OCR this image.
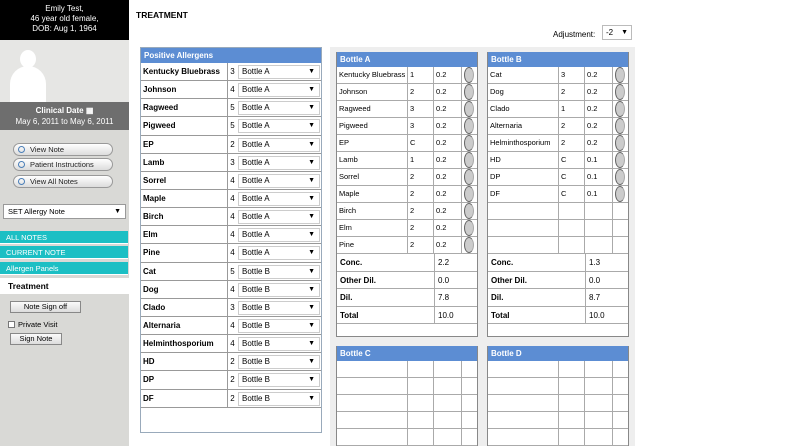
Emily Test,
46 year old female,
DOB: Aug 1, 1964
Clinical Date ▦
May 6, 2011 to May 6, 2011
View Note
Patient Instructions
View All Notes
SET Allergy Note	▼
ALL NOTES
CURRENT NOTE
Allergen Panels
Treatment
Note Sign off
Private Visit
Sign Note
TREATMENT
Adjustment:	-2 ▼
Positive Allergens
Kentucky Bluebrass	3 Bottle A	▼
Johnson	4 Bottle A	▼
Ragweed	5 Bottle A	▼
Pigweed	5 Bottle A	▼
EP	2 Bottle A	▼
Lamb	3 Bottle A	▼
Sorrel	4 Bottle A	▼
Maple	4 Bottle A	▼
Birch	4 Bottle A	▼
Elm	4 Bottle A	▼
Pine	4 Bottle A	▼
Cat	5 Bottle B	▼
Dog	4 Bottle B	▼
Clado	3 Bottle B	▼
Alternaria	4 Bottle B	▼
Helminthosporium	4 Bottle B	▼
HD	2 Bottle B	▼
DP	2 Bottle B	▼
DF	2 Bottle B	▼
Bottle A
Kentucky Bluebrass 1	0.2
Johnson	2	0.2
Ragweed	3	0.2
Pigweed	3	0.2
EP	C	0.2
Lamb	1	0.2
Sorrel	2	0.2
Maple	2	0.2
Birch	2	0.2
Elm	2	0.2
Pine	2	0.2
Conc.	2.2
Other Dil.	0.0
Dil.	7.8
Total	10.0
Bottle B
Cat	3	0.2
Dog	2	0.2
Clado	1	0.2
Alternaria	2	0.2
Helminthosporium	2	0.2
HD	C	0.1
DP	C	0.1
DF	C	0.1
Conc.	1.3
Other Dil.	0.0
Dil.	8.7
Total	10.0
Bottle C	Bottle D
